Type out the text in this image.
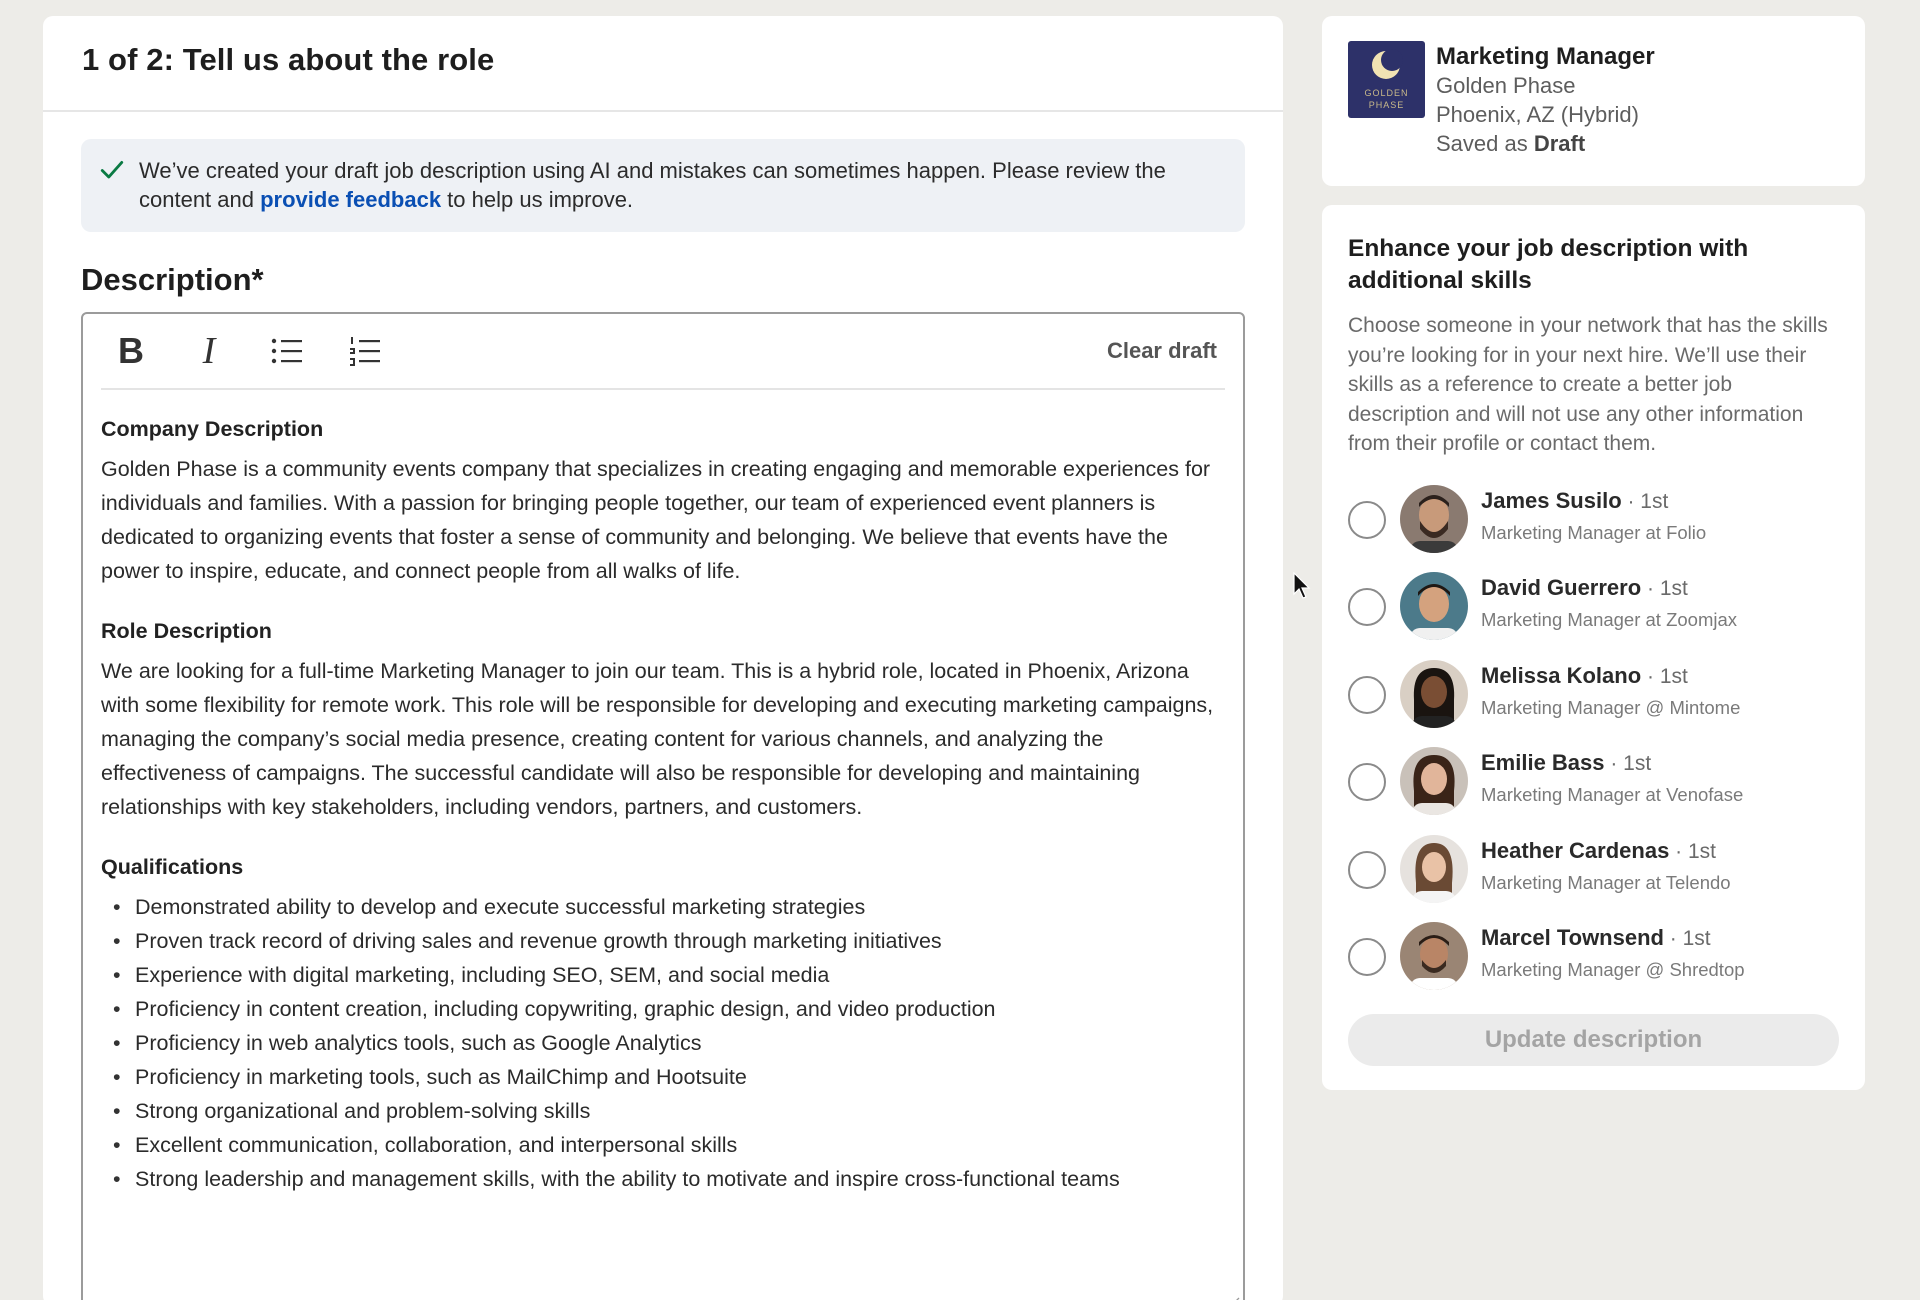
1 of 2: Tell us about the role
We’ve created your draft job description using AI and mistakes can sometimes happen. Please review the content and provide feedback to help us improve.
Description*
B	I	Clear draft
Company Description
Golden Phase is a community events company that specializes in creating engaging and memorable experiences for individuals and families. With a passion for bringing people together, our team of experienced event planners is dedicated to organizing events that foster a sense of community and belonging. We believe that events have the power to inspire, educate, and connect people from all walks of life.
Role Description
We are looking for a full-time Marketing Manager to join our team. This is a hybrid role, located in Phoenix, Arizona with some flexibility for remote work. This role will be responsible for developing and executing marketing campaigns, managing the company’s social media presence, creating content for various channels, and analyzing the effectiveness of campaigns. The successful candidate will also be responsible for developing and maintaining relationships with key stakeholders, including vendors, partners, and customers.
Qualifications
• Demonstrated ability to develop and execute successful marketing strategies
• Proven track record of driving sales and revenue growth through marketing initiatives
• Experience with digital marketing, including SEO, SEM, and social media
• Proficiency in content creation, including copywriting, graphic design, and video production
• Proficiency in web analytics tools, such as Google Analytics
• Proficiency in marketing tools, such as MailChimp and Hootsuite
• Strong organizational and problem-solving skills
• Excellent communication, collaboration, and interpersonal skills
• Strong leadership and management skills, with the ability to motivate and inspire cross-functional teams
GOLDEN
PHASE
Marketing Manager
Golden Phase
Phoenix, AZ (Hybrid)
Saved as Draft
Enhance your job description with additional skills
Choose someone in your network that has the skills you’re looking for in your next hire. We’ll use their skills as a reference to create a better job description and will not use any other information from their profile or contact them.
James Susilo · 1st
Marketing Manager at Folio
David Guerrero · 1st
Marketing Manager at Zoomjax
Melissa Kolano · 1st
Marketing Manager @ Mintome
Emilie Bass · 1st
Marketing Manager at Venofase
Heather Cardenas · 1st
Marketing Manager at Telendo
Marcel Townsend · 1st
Marketing Manager @ Shredtop
Update description
